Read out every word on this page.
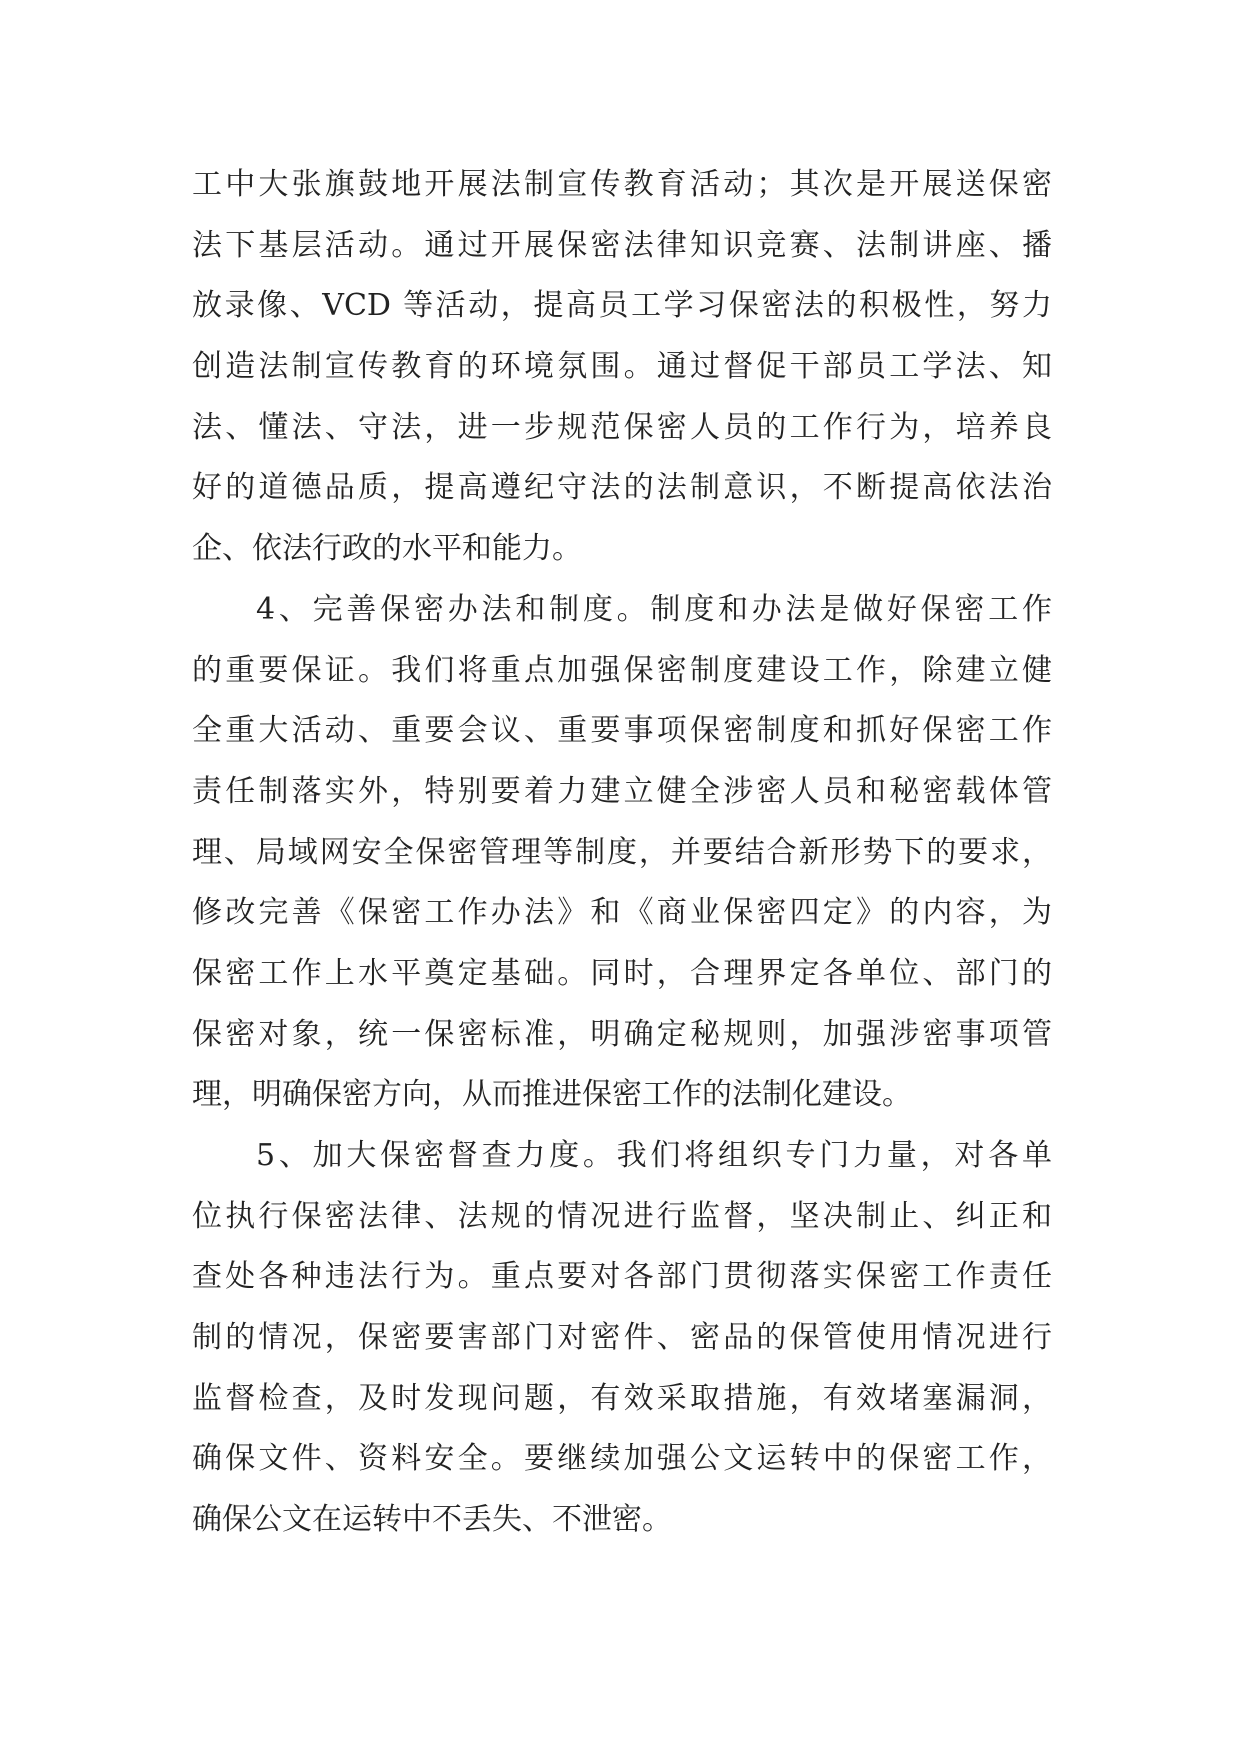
工中大张旗鼓地开展法制宣传教育活动；其次是开展送保密
法下基层活动。通过开展保密法律知识竞赛、法制讲座、播
放录像、VCD 等活动，提高员工学习保密法的积极性，努力
创造法制宣传教育的环境氛围。通过督促干部员工学法、知
法、懂法、守法，进一步规范保密人员的工作行为，培养良
好的道德品质，提高遵纪守法的法制意识，不断提高依法治
企、依法行政的水平和能力。
4、完善保密办法和制度。制度和办法是做好保密工作
的重要保证。我们将重点加强保密制度建设工作，除建立健
全重大活动、重要会议、重要事项保密制度和抓好保密工作
责任制落实外，特别要着力建立健全涉密人员和秘密载体管
理、局域网安全保密管理等制度，并要结合新形势下的要求，
修改完善《保密工作办法》和《商业保密四定》的内容，为
保密工作上水平奠定基础。同时，合理界定各单位、部门的
保密对象，统一保密标准，明确定秘规则，加强涉密事项管
理，明确保密方向，从而推进保密工作的法制化建设。
5、加大保密督查力度。我们将组织专门力量，对各单
位执行保密法律、法规的情况进行监督，坚决制止、纠正和
查处各种违法行为。重点要对各部门贯彻落实保密工作责任
制的情况，保密要害部门对密件、密品的保管使用情况进行
监督检查，及时发现问题，有效采取措施，有效堵塞漏洞，
确保文件、资料安全。要继续加强公文运转中的保密工作，
确保公文在运转中不丢失、不泄密。
